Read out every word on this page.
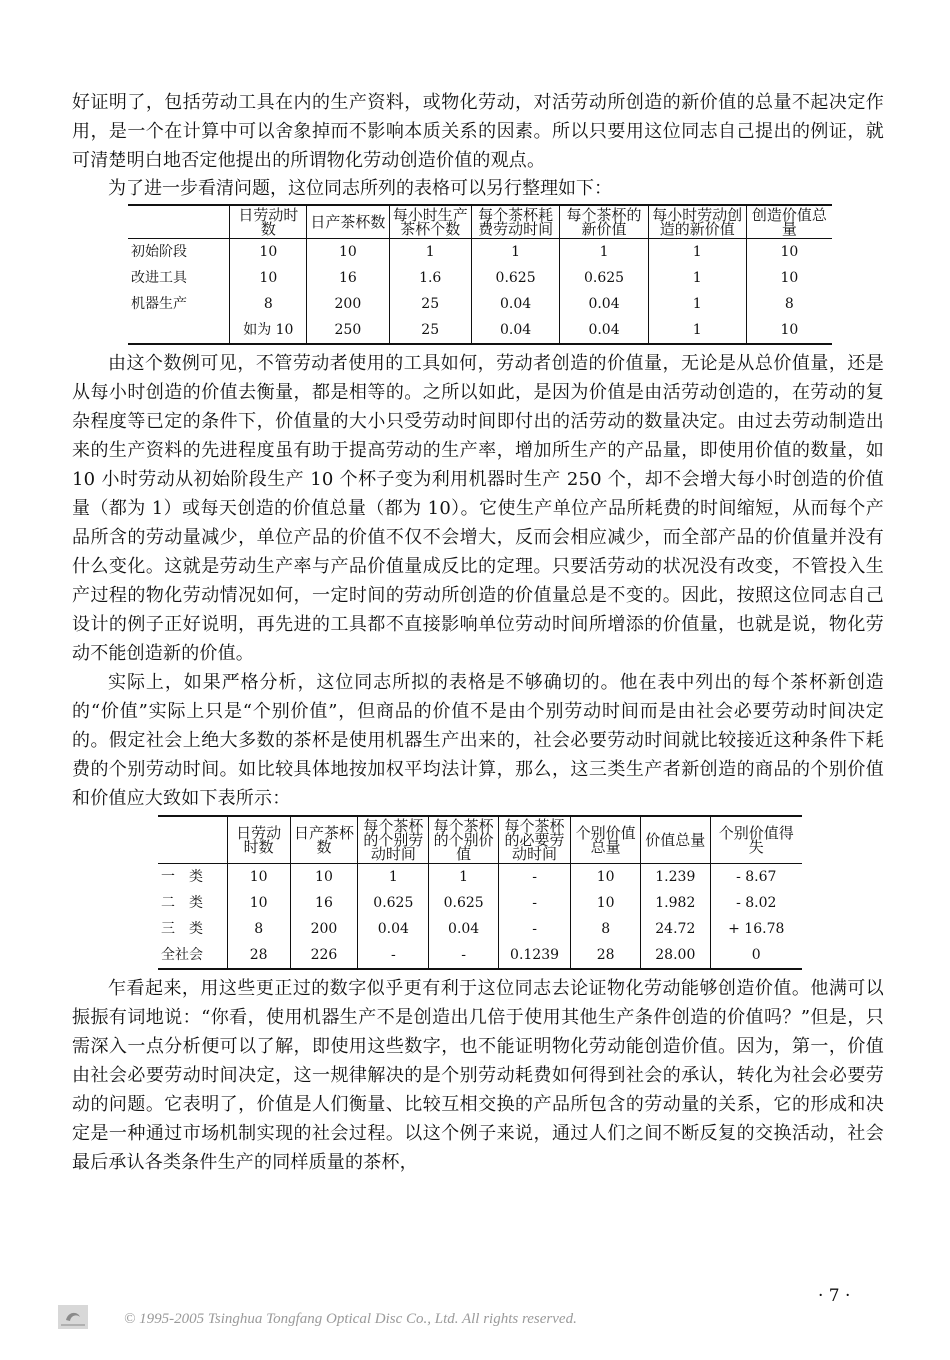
好证明了，包括劳动工具在内的生产资料，或物化劳动，对活劳动所创造的新价值的总量不起决定作用，是一个在计算中可以舍象掉而不影响本质关系的因素。所以只要用这位同志自己提出的例证，就可清楚明白地否定他提出的所谓物化劳动创造价值的观点。

为了进一步看清问题，这位同志所列的表格可以另行整理如下：

	日劳动时数	日产茶杯数	每小时生产茶杯个数	每个茶杯耗费劳动时间	每个茶杯的新价值	每小时劳动创造的新价值	创造价值总量
初始阶段	10	10	1	1	1	1	10
改进工具	10	16	1.6	0.625	0.625	1	10
机器生产	8	200	25	0.04	0.04	1	8
	如为 10	250	25	0.04	0.04	1	10

由这个数例可见，不管劳动者使用的工具如何，劳动者创造的价值量，无论是从总价值量，还是从每小时创造的价值去衡量，都是相等的。之所以如此，是因为价值是由活劳动创造的，在劳动的复杂程度等已定的条件下，价值量的大小只受劳动时间即付出的活劳动的数量决定。由过去劳动制造出来的生产资料的先进程度虽有助于提高劳动的生产率，增加所生产的产品量，即使用价值的数量，如 10 小时劳动从初始阶段生产 10 个杯子变为利用机器时生产 250 个，却不会增大每小时创造的价值量（都为 1）或每天创造的价值总量（都为 10）。它使生产单位产品所耗费的时间缩短，从而每个产品所含的劳动量减少，单位产品的价值不仅不会增大，反而会相应减少，而全部产品的价值量并没有什么变化。这就是劳动生产率与产品价值量成反比的定理。只要活劳动的状况没有改变，不管投入生产过程的物化劳动情况如何，一定时间的劳动所创造的价值量总是不变的。因此，按照这位同志自己设计的例子正好说明，再先进的工具都不直接影响单位劳动时间所增添的价值量，也就是说，物化劳动不能创造新的价值。

实际上，如果严格分析，这位同志所拟的表格是不够确切的。他在表中列出的每个茶杯新创造的“价值”实际上只是“个别价值”，但商品的价值不是由个别劳动时间而是由社会必要劳动时间决定的。假定社会上绝大多数的茶杯是使用机器生产出来的，社会必要劳动时间就比较接近这种条件下耗费的个别劳动时间。如比较具体地按加权平均法计算，那么，这三类生产者新创造的商品的个别价值和价值应大致如下表所示：

	日劳动时数	日产茶杯数	每个茶杯的个别劳动时间	每个茶杯的个别价值	每个茶杯的必要劳动时间	个别价值总量	价值总量	个别价值得失
一　类	10	10	1	1	-	10	1.239	- 8.67
二　类	10	16	0.625	0.625	-	10	1.982	- 8.02
三　类	8	200	0.04	0.04	-	8	24.72	+ 16.78
全社会	28	226	-	-	0.1239	28	28.00	0

乍看起来，用这些更正过的数字似乎更有利于这位同志去论证物化劳动能够创造价值。他满可以振振有词地说：“你看，使用机器生产不是创造出几倍于使用其他生产条件创造的价值吗？”但是，只需深入一点分析便可以了解，即使用这些数字，也不能证明物化劳动能创造价值。因为，第一，价值由社会必要劳动时间决定，这一规律解决的是个别劳动耗费如何得到社会的承认，转化为社会必要劳动的问题。它表明了，价值是人们衡量、比较互相交换的产品所包含的劳动量的关系，它的形成和决定是一种通过市场机制实现的社会过程。以这个例子来说，通过人们之间不断反复的交换活动，社会最后承认各类条件生产的同样质量的茶杯，

· 7 ·
© 1995-2005 Tsinghua Tongfang Optical Disc Co., Ltd. All rights reserved.
